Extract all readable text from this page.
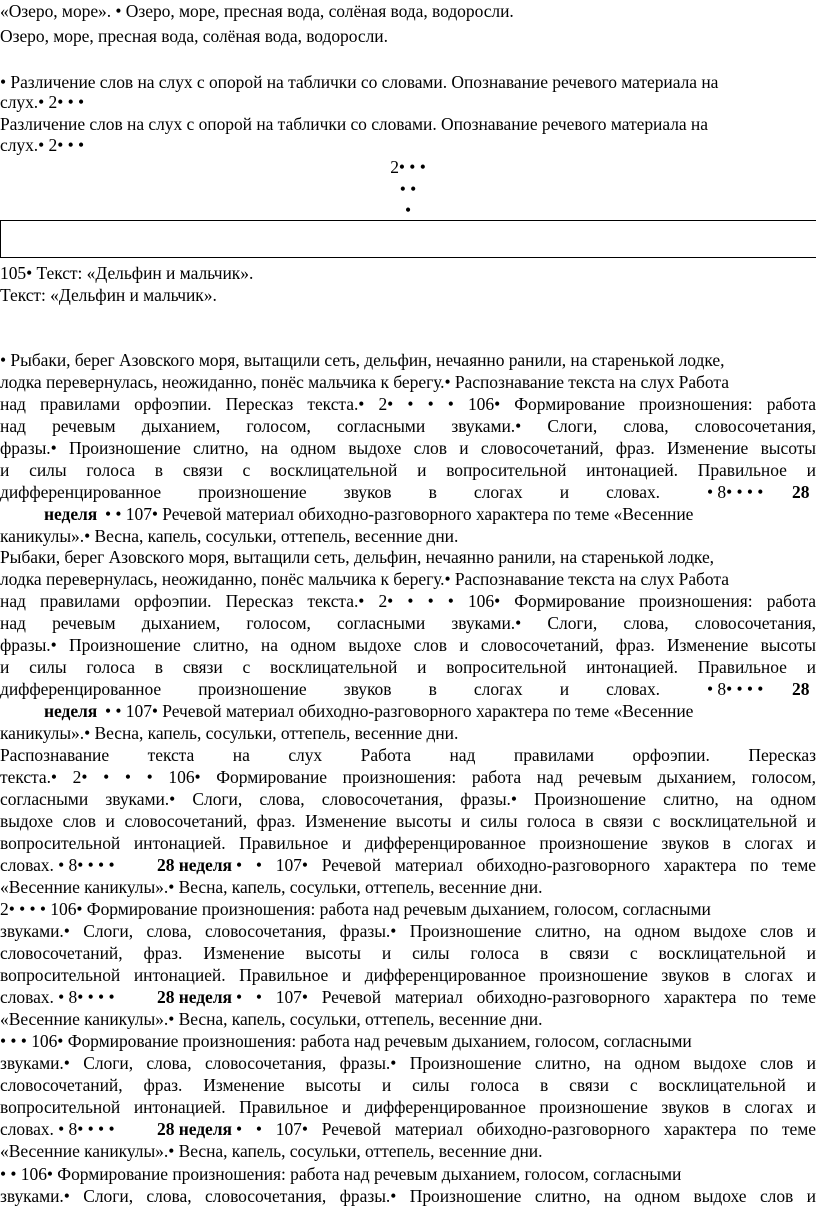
«Озеро, море». • Озеро, море, пресная вода, солёная вода, водоросли.
Озеро, море, пресная вода, солёная вода, водоросли.
• Различение слов на слух с опорой на таблички со словами. Опознавание речевого материала на
слух.• 2• • •
Различение слов на слух с опорой на таблички со словами. Опознавание речевого материала на
слух.• 2• • •
2• • •
• •
•
105• Текст: «Дельфин и мальчик».
Текст: «Дельфин и мальчик».
• Рыбаки, берег Азовского моря, вытащили сеть, дельфин, нечаянно ранили, на старенькой лодке,
лодка перевернулась, неожиданно, понёс мальчика к берегу.• Распознавание текста на слух Работа
над правилами орфоэпии. Пересказ текста.• 2• • • • 106• Формирование произношения: работа
над речевым дыханием, голосом, согласными звуками.• Слоги, слова, словосочетания,
фразы.• Произношение слитно, на одном выдохе слов и словосочетаний, фраз. Изменение высоты
и силы голоса в связи с восклицательной и вопросительной интонацией. Правильное и
дифференцированное произношение звуков в слогах и словах.	• 8• • • •	28
неделя • • 107• Речевой материал обиходно-разговорного характера по теме «Весенние
каникулы».• Весна, капель, сосульки, оттепель, весенние дни.
Рыбаки, берег Азовского моря, вытащили сеть, дельфин, нечаянно ранили, на старенькой лодке,
лодка перевернулась, неожиданно, понёс мальчика к берегу.• Распознавание текста на слух Работа
над правилами орфоэпии. Пересказ текста.• 2• • • • 106• Формирование произношения: работа
над речевым дыханием, голосом, согласными звуками.• Слоги, слова, словосочетания,
фразы.• Произношение слитно, на одном выдохе слов и словосочетаний, фраз. Изменение высоты
и силы голоса в связи с восклицательной и вопросительной интонацией. Правильное и
дифференцированное произношение звуков в слогах и словах.	• 8• • • •	28
неделя • • 107• Речевой материал обиходно-разговорного характера по теме «Весенние
каникулы».• Весна, капель, сосульки, оттепель, весенние дни.
Распознавание текста на слух Работа над правилами орфоэпии. Пересказ
текста.• 2• • • • 106• Формирование произношения: работа над речевым дыханием, голосом,
согласными звуками.• Слоги, слова, словосочетания, фразы.• Произношение слитно, на одном
выдохе слов и словосочетаний, фраз. Изменение высоты и силы голоса в связи с восклицательной и
вопросительной интонацией. Правильное и дифференцированное произношение звуков в слогах и
словах. • 8• • • •	28 неделя • • 107• Речевой материал обиходно-разговорного характера по теме
«Весенние каникулы».• Весна, капель, сосульки, оттепель, весенние дни.
2• • • • 106• Формирование произношения: работа над речевым дыханием, голосом, согласными
звуками.• Слоги, слова, словосочетания, фразы.• Произношение слитно, на одном выдохе слов и
словосочетаний, фраз. Изменение высоты и силы голоса в связи с восклицательной и
вопросительной интонацией. Правильное и дифференцированное произношение звуков в слогах и
словах. • 8• • • •	28 неделя • • 107• Речевой материал обиходно-разговорного характера по теме
«Весенние каникулы».• Весна, капель, сосульки, оттепель, весенние дни.
• • • 106• Формирование произношения: работа над речевым дыханием, голосом, согласными
звуками.• Слоги, слова, словосочетания, фразы.• Произношение слитно, на одном выдохе слов и
словосочетаний, фраз. Изменение высоты и силы голоса в связи с восклицательной и
вопросительной интонацией. Правильное и дифференцированное произношение звуков в слогах и
словах. • 8• • • •	28 неделя • • 107• Речевой материал обиходно-разговорного характера по теме
«Весенние каникулы».• Весна, капель, сосульки, оттепель, весенние дни.
• • 106• Формирование произношения: работа над речевым дыханием, голосом, согласными
звуками.• Слоги, слова, словосочетания, фразы.• Произношение слитно, на одном выдохе слов и
